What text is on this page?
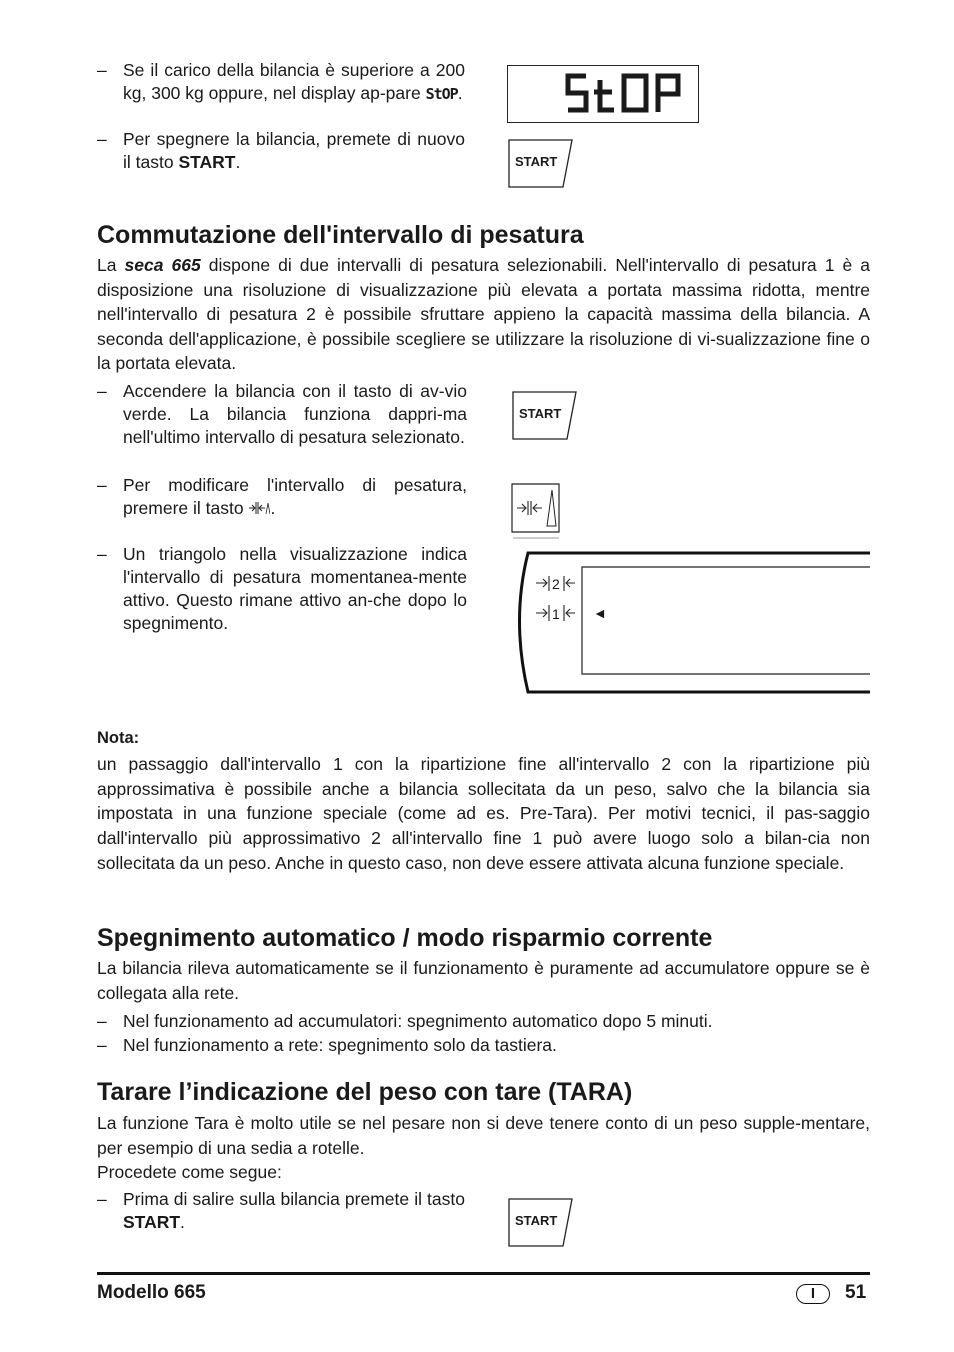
– Se il carico della bilancia è superiore a 200 kg, 300 kg oppure, nel display ap-pare StOP.
– Per spegnere la bilancia, premete di nuovo il tasto START.	START
Commutazione dell'intervallo di pesatura
La seca 665 dispone di due intervalli di pesatura selezionabili. Nell'intervallo di pesatura 1 è a disposizione una risoluzione di visualizzazione più elevata a portata massima ridotta, mentre nell'intervallo di pesatura 2 è possibile sfruttare appieno la capacità massima della bilancia. A seconda dell'applicazione, è possibile scegliere se utilizzare la risoluzione di vi-sualizzazione fine o la portata elevata.
– Accendere la bilancia con il tasto di av-vio verde. La bilancia funziona dappri-ma nell'ultimo intervallo di pesatura selezionato.
– Per modificare l'intervallo di pesatura, premere il tasto .
– Un triangolo nella visualizzazione indica l'intervallo di pesatura momentanea-mente attivo. Questo rimane attivo an-che dopo lo spegnimento.
START
2
1 ◄
Nota:
un passaggio dall'intervallo 1 con la ripartizione fine all'intervallo 2 con la ripartizione più approssimativa è possibile anche a bilancia sollecitata da un peso, salvo che la bilancia sia impostata in una funzione speciale (come ad es. Pre-Tara). Per motivi tecnici, il pas-saggio dall'intervallo più approssimativo 2 all'intervallo fine 1 può avere luogo solo a bilan-cia non sollecitata da un peso. Anche in questo caso, non deve essere attivata alcuna funzione speciale.
Spegnimento automatico / modo risparmio corrente
La bilancia rileva automaticamente se il funzionamento è puramente ad accumulatore oppure se è collegata alla rete.
– Nel funzionamento ad accumulatori: spegnimento automatico dopo 5 minuti.
– Nel funzionamento a rete: spegnimento solo da tastiera.
Tarare l’indicazione del peso con tare (TARA)
La funzione Tara è molto utile se nel pesare non si deve tenere conto di un peso supple-mentare, per esempio di una sedia a rotelle.
Procedete come segue:
– Prima di salire sulla bilancia premete il tasto START.	START
Modello 665	I	51
